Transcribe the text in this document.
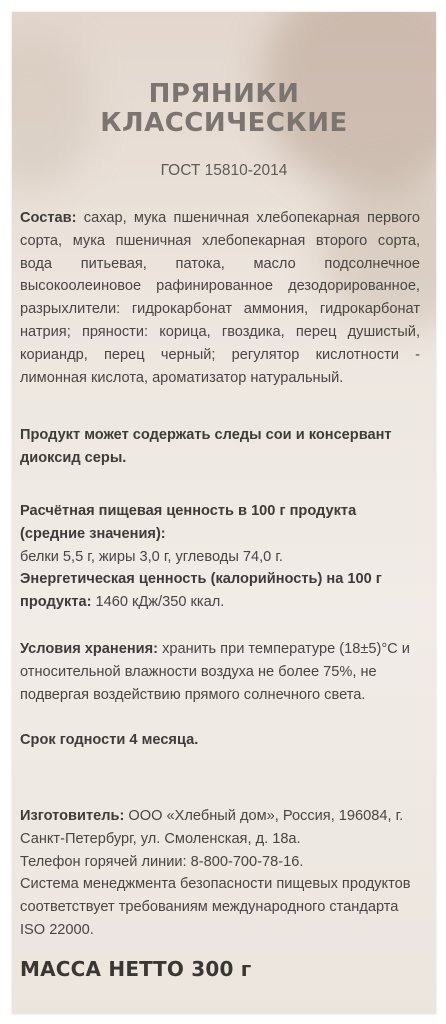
ПРЯНИКИ
КЛАССИЧЕСКИЕ
ГОСТ 15810-2014

Состав: сахар, мука пшеничная хлебопекарная первого сорта, мука пшеничная хлебопекарная второго сорта, вода питьевая, патока, масло подсолнечное высокоолеиновое рафинированное дезодорированное, разрыхлители: гидрокарбонат аммония, гидрокарбонат натрия; пряности: корица, гвоздика, перец душистый, кориандр, перец черный; регулятор кислотности - лимонная кислота, ароматизатор натуральный.

Продукт может содержать следы сои и консервант диоксид серы.

Расчётная пищевая ценность в 100 г продукта (средние значения):
белки 5,5 г, жиры 3,0 г, углеводы 74,0 г.
Энергетическая ценность (калорийность) на 100 г продукта: 1460 кДж/350 ккал.

Условия хранения: хранить при температуре (18±5)°С и относительной влажности воздуха не более 75%, не подвергая воздействию прямого солнечного света.

Срок годности 4 месяца.

Изготовитель: ООО «Хлебный дом», Россия, 196084, г. Санкт-Петербург, ул. Смоленская, д. 18а.
Телефон горячей линии: 8-800-700-78-16.
Система менеджмента безопасности пищевых продуктов соответствует требованиям международного стандарта ISO 22000.

МАССА НЕТТО 300 г
